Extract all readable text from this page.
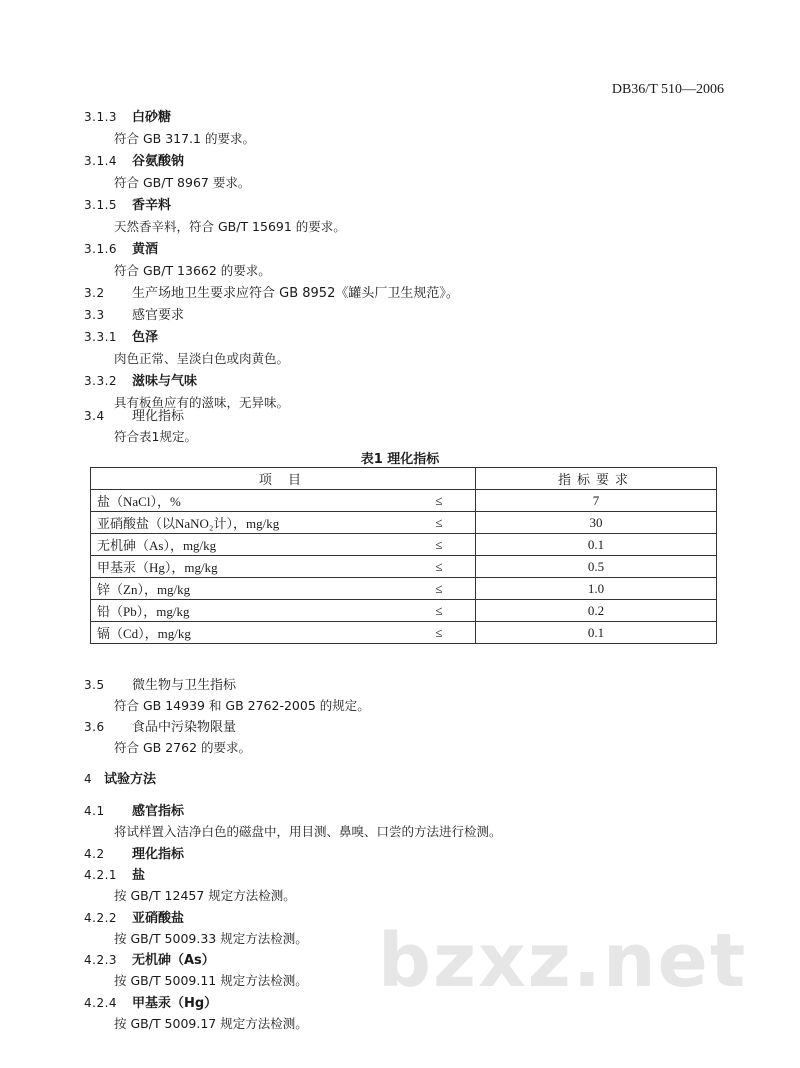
DB36/T 510—2006
3.1.3 白砂糖
符合 GB 317.1 的要求。
3.1.4 谷氨酸钠
符合 GB/T 8967 要求。
3.1.5 香辛料
天然香辛料，符合 GB/T 15691 的要求。
3.1.6 黄酒
符合 GB/T 13662 的要求。
3.2 生产场地卫生要求应符合 GB 8952《罐头厂卫生规范》。
3.3 感官要求
3.3.1 色泽
肉色正常、呈淡白色或肉黄色。
3.3.2 滋味与气味
具有板鱼应有的滋味，无异味。
3.4 理化指标
符合表1规定。
表1 理化指标
项 目		指标要求
盐（NaCl），%	≤	7
亚硝酸盐（以NaNO₂计），mg/kg	≤	30
无机砷（As），mg/kg	≤	0.1
甲基汞（Hg），mg/kg	≤	0.5
锌（Zn），mg/kg	≤	1.0
铅（Pb），mg/kg	≤	0.2
镉（Cd），mg/kg	≤	0.1
3.5 微生物与卫生指标
符合 GB 14939 和 GB 2762-2005 的规定。
3.6 食品中污染物限量
符合 GB 2762 的要求。
4 试验方法
4.1 感官指标
将试样置入洁净白色的磁盘中，用目测、鼻嗅、口尝的方法进行检测。
4.2 理化指标
4.2.1 盐
按 GB/T 12457 规定方法检测。
4.2.2 亚硝酸盐
按 GB/T 5009.33 规定方法检测。
4.2.3 无机砷（As）
按 GB/T 5009.11 规定方法检测。
4.2.4 甲基汞（Hg）
按 GB/T 5009.17 规定方法检测。
bzxz.net
